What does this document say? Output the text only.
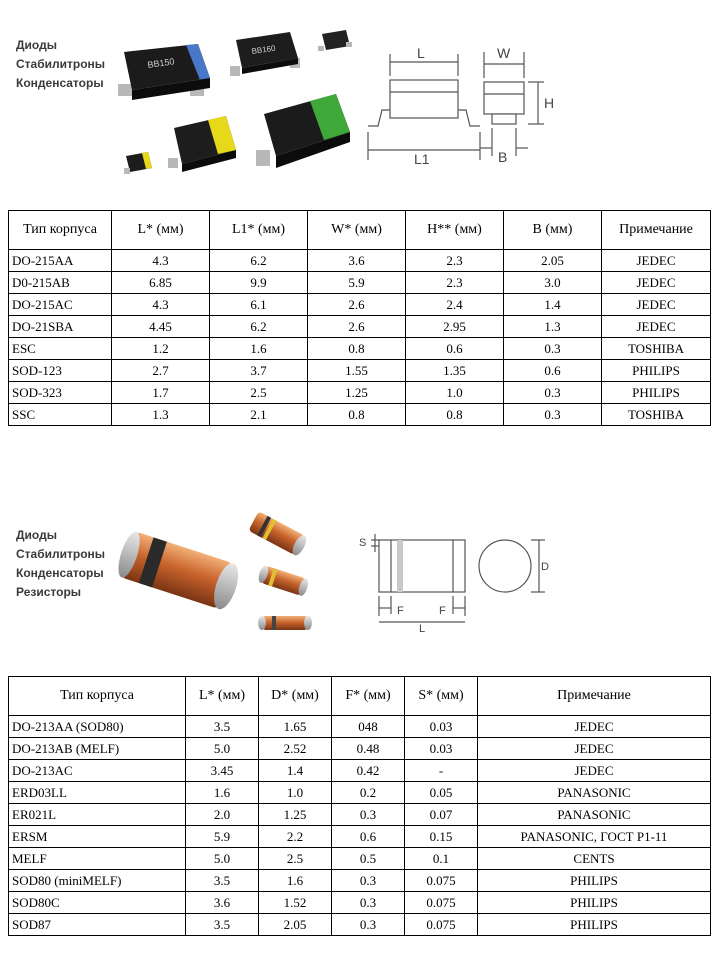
Диоды
Стабилитроны
Конденсаторы
BB150
BB160	L
L1
W
H
B
Тип корпуса	L* (мм)	L1* (мм)	W* (мм)	H** (мм)	B (мм)	Примечание
DO-215AA	4.3	6.2	3.6	2.3	2.05	JEDEC
D0-215AB	6.85	9.9	5.9	2.3	3.0	JEDEC
DO-215AC	4.3	6.1	2.6	2.4	1.4	JEDEC
DO-21SBA	4.45	6.2	2.6	2.95	1.3	JEDEC
ESC	1.2	1.6	0.8	0.6	0.3	TOSHIBA
SOD-123	2.7	3.7	1.55	1.35	0.6	PHILIPS
SOD-323	1.7	2.5	1.25	1.0	0.3	PHILIPS
SSC	1.3	2.1	0.8	0.8	0.3	TOSHIBA
Диоды
Стабилитроны
Конденсаторы
Резисторы
S
F	F
L
D
Тип корпуса	L* (мм)	D* (мм)	F* (мм)	S* (мм)	Примечание
DO-213AA (SOD80)	3.5	1.65	048	0.03	JEDEC
DO-213AB (MELF)	5.0	2.52	0.48	0.03	JEDEC
DO-213AC	3.45	1.4	0.42	-	JEDEC
ERD03LL	1.6	1.0	0.2	0.05	PANASONIC
ER021L	2.0	1.25	0.3	0.07	PANASONIC
ERSM	5.9	2.2	0.6	0.15	PANASONIC, ГОСТ Р1-11
MELF	5.0	2.5	0.5	0.1	CENTS
SOD80 (miniMELF)	3.5	1.6	0.3	0.075	PHILIPS
SOD80C	3.6	1.52	0.3	0.075	PHILIPS
SOD87	3.5	2.05	0.3	0.075	PHILIPS
